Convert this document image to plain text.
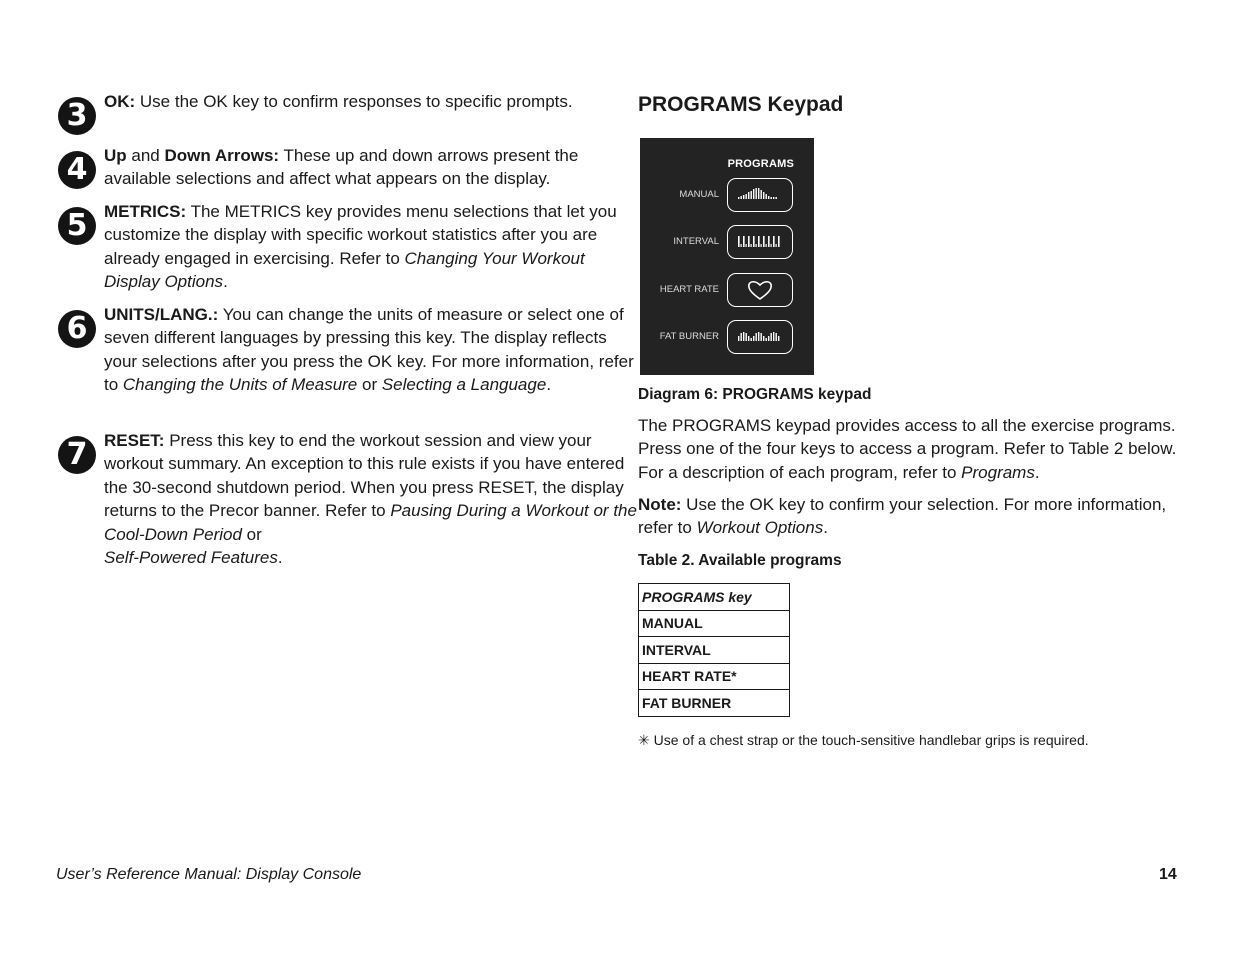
3 OK: Use the OK key to confirm responses to specific prompts.
4 Up and Down Arrows: These up and down arrows present the available selections and affect what appears on the display.
5 METRICS: The METRICS key provides menu selections that let you customize the display with specific workout statistics after you are already engaged in exercising. Refer to Changing Your Workout Display Options.
6 UNITS/LANG.: You can change the units of measure or select one of seven different languages by pressing this key. The display reflects your selections after you press the OK key. For more information, refer to Changing the Units of Measure or Selecting a Language.
7 RESET: Press this key to end the workout session and view your workout summary. An exception to this rule exists if you have entered the 30-second shutdown period. When you press RESET, the display returns to the Precor banner. Refer to Pausing During a Workout or the Cool-Down Period or
Self-Powered Features.
PROGRAMS Keypad
PROGRAMS
MANUAL
INTERVAL
HEART RATE
FAT BURNER
Diagram 6: PROGRAMS keypad
The PROGRAMS keypad provides access to all the exercise programs. Press one of the four keys to access a program. Refer to Table 2 below. For a description of each program, refer to Programs.
Note: Use the OK key to confirm your selection. For more information, refer to Workout Options.
Table 2. Available programs
PROGRAMS key
MANUAL
INTERVAL
HEART RATE*
FAT BURNER
✳ Use of a chest strap or the touch-sensitive handlebar grips is required.
User’s Reference Manual: Display Console	14
